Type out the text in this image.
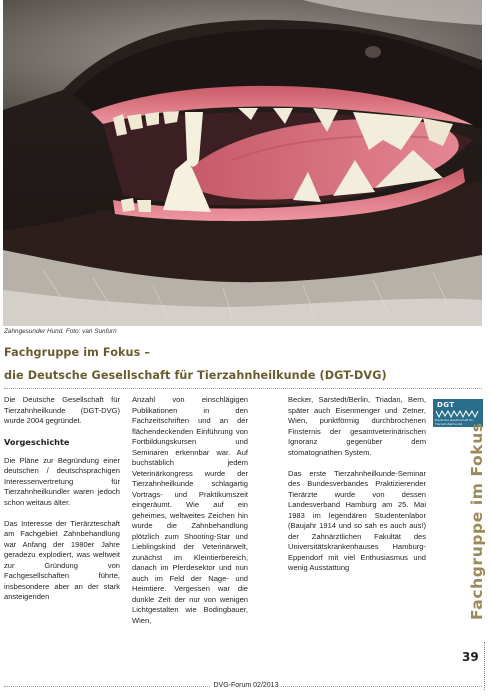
Zahngesunder Hund. Foto: van Sunfurn
Fachgruppe im Fokus –
die Deutsche Gesellschaft für Tierzahnheilkunde (DGT-DVG)

Die Deutsche Gesellschaft für Tierzahnheilkunde (DGT-DVG) wurde 2004 gegründet.

Vorgeschichte

Die Pläne zur Begründung einer deutschen / deutschsprachigen Interessenvertretung für Tierzahnheilkundler waren jedoch schon weitaus älter.

Das Interesse der Tierärzteschaft am Fachgebiet Zahnbehandlung war Anfang der 1980er Jahre geradezu explodiert, was weltweit zur Gründung von Fachgesellschaften führte, insbesondere aber an der stark ansteigenden

Anzahl von einschlägigen Publikationen in den Fachzeitschriften und an der flächendeckenden Einführung von Fortbildungskursen und Seminaren erkennbar war. Auf buchstäblich jedem Veterinärkongress wurde der Tierzahnheilkunde schlagartig Vortrags- und Praktikumszeit eingeräumt. Wie auf ein geheimes, weltweites Zeichen hin wurde die Zahnbehandlung plötzlich zum Shooting-Star und Lieblingskind der Veterinärwelt, zunächst im Kleintierbereich, danach im Pferdesektor und nun auch im Feld der Nage- und Heimtiere. Vergessen war die dunkle Zeit der nur von wenigen Lichtgestalten wie Bodingbauer, Wien,

Becker, Sarstedt/Berlin, Triadan, Bern, später auch Eisenmenger und Zetner, Wien, punktförmig durchbrochenen Finsternis der gesamtveterinärischen Ignoranz gegenüber dem stomatognathen System.

Das erste Tierzahnheilkunde-Seminar des Bundesverbandes Praktizierender Tierärzte wurde von dessen Landesverband Hamburg am 25. Mai 1983 im legendären Studentenlabor (Baujahr 1914 und so sah es auch aus!) der Zahnärztlichen Fakultät des Universitätskrankenhauses Hamburg-Eppendorf mit viel Enthusiasmus und wenig Ausstattung

DGT
Deutsche Gesellschaft für Tierzahnheilkunde Fachgruppe im Fokus
39
DVG-Forum 02/2013
